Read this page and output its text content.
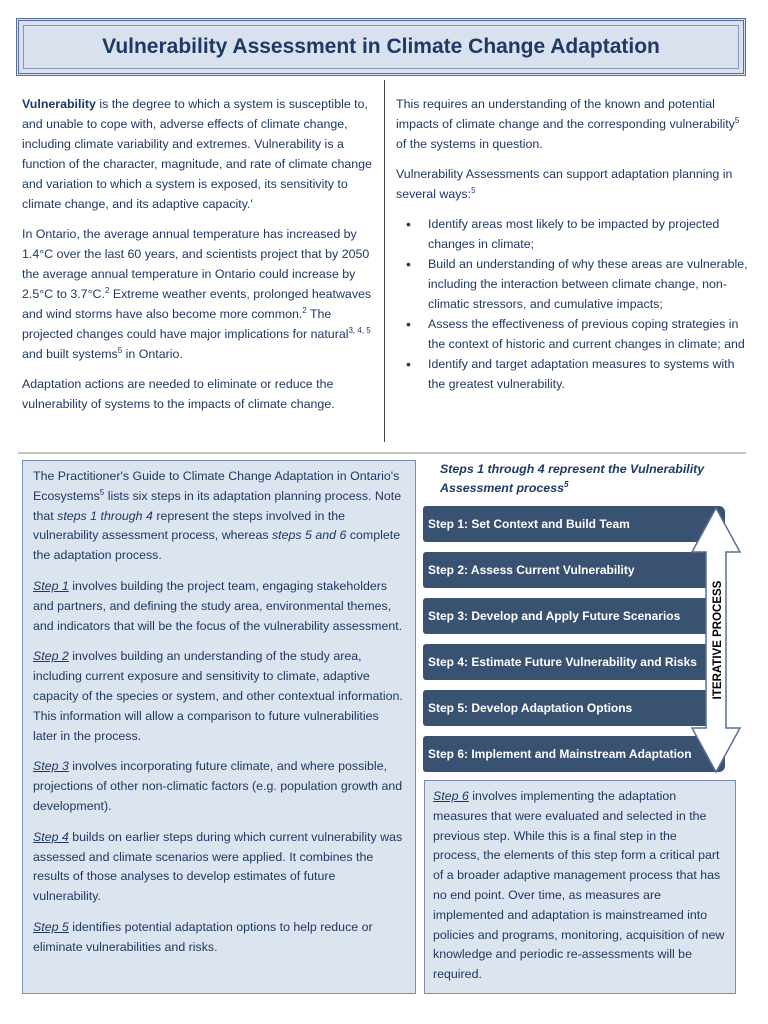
Vulnerability Assessment in Climate Change Adaptation

Vulnerability is the degree to which a system is susceptible to, and unable to cope with, adverse effects of climate change, including climate variability and extremes. Vulnerability is a function of the character, magnitude, and rate of climate change and variation to which a system is exposed, its sensitivity to climate change, and its adaptive capacity.'

In Ontario, the average annual temperature has increased by 1.4°C over the last 60 years, and scientists project that by 2050 the average annual temperature in Ontario could increase by 2.5°C to 3.7°C.$^2$ Extreme weather events, prolonged heatwaves and wind storms have also become more common.$^2$ The projected changes could have major implications for natural$^{3, 4, 5}$ and built systems$^5$ in Ontario.

Adaptation actions are needed to eliminate or reduce the vulnerability of systems to the impacts of climate change.

This requires an understanding of the known and potential impacts of climate change and the corresponding vulnerability$^5$ of the systems in question.

Vulnerability Assessments can support adaptation planning in several ways:$^5$

• Identify areas most likely to be impacted by projected changes in climate;
• Build an understanding of why these areas are vulnerable, including the interaction between climate change, non-climatic stressors, and cumulative impacts;
• Assess the effectiveness of previous coping strategies in the context of historic and current changes in climate; and
• Identify and target adaptation measures to systems with the greatest vulnerability.

The Practitioner's Guide to Climate Change Adaptation in Ontario's Ecosystems$^5$ lists six steps in its adaptation planning process. Note that steps 1 through 4 represent the steps involved in the vulnerability assessment process, whereas steps 5 and 6 complete the adaptation process.

Step 1 involves building the project team, engaging stakeholders and partners, and defining the study area, environmental themes, and indicators that will be the focus of the vulnerability assessment.

Step 2 involves building an understanding of the study area, including current exposure and sensitivity to climate, adaptive capacity of the species or system, and other contextual information. This information will allow a comparison to future vulnerabilities later in the process.

Step 3 involves incorporating future climate, and where possible, projections of other non-climatic factors (e.g. population growth and development).

Step 4 builds on earlier steps during which current vulnerability was assessed and climate scenarios were applied. It combines the results of those analyses to develop estimates of future vulnerability.

Step 5 identifies potential adaptation options to help reduce or eliminate vulnerabilities and risks.

Steps 1 through 4 represent the Vulnerability Assessment process$^5$
Step 1: Set Context and Build Team
Step 2: Assess Current Vulnerability
Step 3: Develop and Apply Future Scenarios
Step 4: Estimate Future Vulnerability and Risks
Step 5: Develop Adaptation Options
Step 6: Implement and Mainstream Adaptation
ITERATIVE PROCESS

Step 6 involves implementing the adaptation measures that were evaluated and selected in the previous step. While this is a final step in the process, the elements of this step form a critical part of a broader adaptive management process that has no end point. Over time, as measures are implemented and adaptation is mainstreamed into policies and programs, monitoring, acquisition of new knowledge and periodic re-assessments will be required.
